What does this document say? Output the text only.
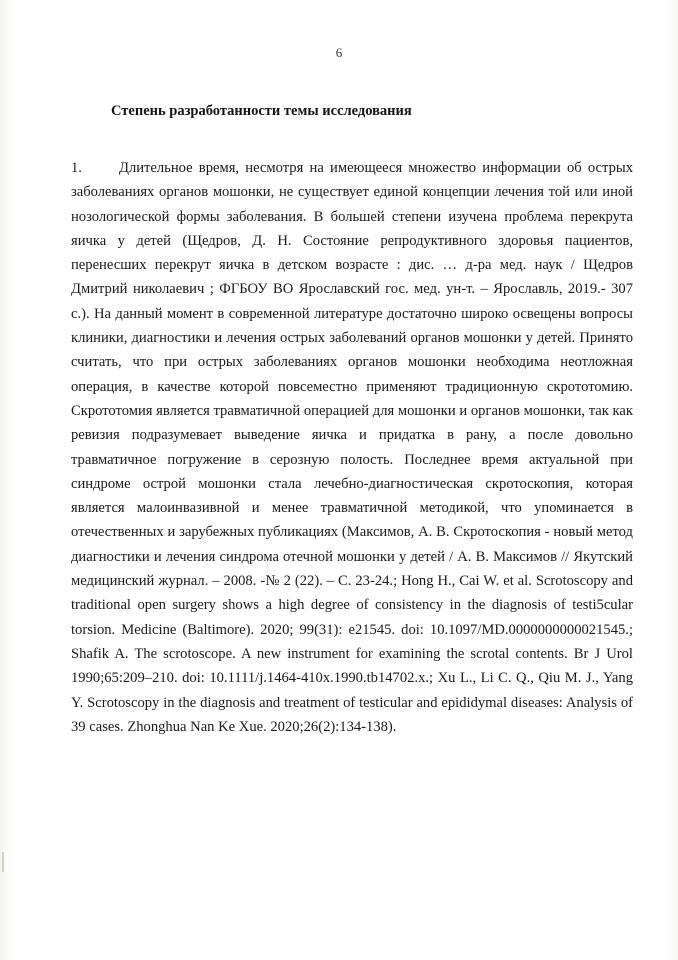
6
Степень разработанности темы исследования
1.	Длительное время, несмотря на имеющееся множество информации об острых заболеваниях органов мошонки, не существует единой концепции лечения той или иной нозологической формы заболевания. В большей степени изучена проблема перекрута яичка у детей (Щедров, Д. Н. Состояние репродуктивного здоровья пациентов, перенесших перекрут яичка в детском возрасте : дис. … д-ра мед. наук / Щедров Дмитрий николаевич ; ФГБОУ ВО Ярославский гос. мед. ун-т. – Ярославль, 2019.- 307 с.). На данный момент в современной литературе достаточно широко освещены вопросы клиники, диагностики и лечения острых заболеваний органов мошонки у детей. Принято считать, что при острых заболеваниях органов мошонки необходима неотложная операция, в качестве которой повсеместно применяют традиционную скрототомию. Скрототомия является травматичной операцией для мошонки и органов мошонки, так как ревизия подразумевает выведение яичка и придатка в рану, а после довольно травматичное погружение в серозную полость. Последнее время актуальной при синдроме острой мошонки стала лечебно-диагностическая скротоскопия, которая является малоинвазивной и менее травматичной методикой, что упоминается в отечественных и зарубежных публикациях (Максимов, А. В. Скротоскопия - новый метод диагностики и лечения синдрома отечной мошонки у детей / А. В. Максимов // Якутский медицинский журнал. – 2008. -№ 2 (22). – С. 23-24.; Hong H., Cai W. et al. Scrotoscopy and traditional open surgery shows a high degree of consistency in the diagnosis of testi5cular torsion. Medicine (Baltimore). 2020; 99(31): e21545. doi: 10.1097/MD.0000000000021545.; Shafik A. The scrotoscope. A new instrument for examining the scrotal contents. Br J Urol 1990;65:209–210. doi: 10.1111/j.1464-410x.1990.tb14702.x.; Xu L., Li C. Q., Qiu M. J., Yang Y. Scrotoscopy in the diagnosis and treatment of testicular and epididymal diseases: Analysis of 39 cases. Zhonghua Nan Ke Xue. 2020;26(2):134-138).
